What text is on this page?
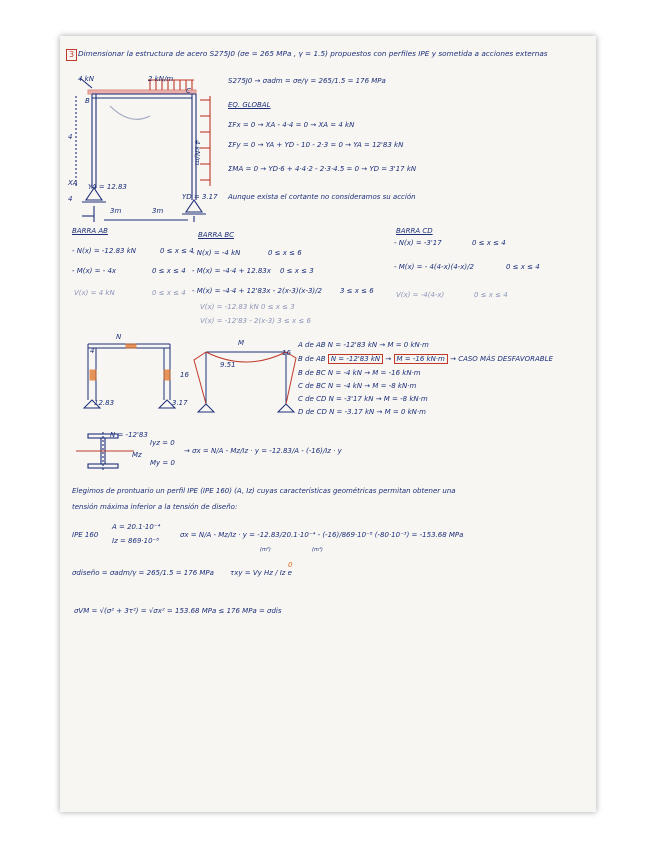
3 Dimensionar la estructura de acero S275J0 (σe = 265 MPa , γ = 1.5) propuestos con perfiles IPE y sometida a acciones externas
4 kN	2 kN/m
B
C
4 kN/m
4
XA YA = 12.83
YD = 3.17
4
3m	3m
S275J0 → σadm = σe/γ = 265/1.5 = 176 MPa
EQ. GLOBAL
ΣFx = 0 → XA - 4·4 = 0 → XA = 4 kN
ΣFy = 0 → YA + YD - 10 - 2·3 = 0 → YA = 12'83 kN
ΣMA = 0 → YD·6 + 4·4·2 - 2·3·4.5 = 0 → YD = 3'17 kN
Aunque exista el cortante no consideramos su acción
BARRA AB
- N(x) = -12.83 kN	0 ≤ x ≤ 4
- M(x) = - 4x	0 ≤ x ≤ 4
V(x) = 4 kN	0 ≤ x ≤ 4
BARRA BC
- N(x) = -4 kN	0 ≤ x ≤ 6
- M(x) = -4·4 + 12.83x 0 ≤ x ≤ 3
- M(x) = -4·4 + 12'83x - 2(x-3)(x-3)/2	3 ≤ x ≤ 6
V(x) = -12.83 kN 0 ≤ x ≤ 3
V(x) = -12'83 - 2(x-3) 3 ≤ x ≤ 6
BARRA CD
- N(x) = -3'17	0 ≤ x ≤ 4
- M(x) = - 4(4-x)(4-x)/2	0 ≤ x ≤ 4
V(x) = -4(4-x)	0 ≤ x ≤ 4
N
4
12.83	3.17
M
16
9.51
16
A de AB N = -12'83 kN → M = 0 kN·m
B de AB N = -12'83 kN → M = -16 kN·m → CASO MÁS DESFAVORABLE
B de BC N = -4 kN → M = -16 kN·m
C de BC N = -4 kN → M = -8 kN·m
C de CD N = -3'17 kN → M = -8 kN·m
D de CD N = -3.17 kN → M = 0 kN·m
N = -12'83
Iyz = 0
My = 0
Mz	→ σx = N/A - Mz/Iz · y = -12.83/A - (-16)/Iz · y
Elegimos de prontuario un perfil IPE (IPE 160) (A, Iz) cuyas características geométricas permitan obtener una
tensión máxima inferior a la tensión de diseño:
IPE 160
A = 20.1·10⁻⁴
Iz = 869·10⁻⁸
σx = N/A - Mz/Iz · y = -12.83/20.1·10⁻⁴ - (-16)/869·10⁻⁸ (-80·10⁻³) = -153.68 MPa
(m²)	(m⁴)
σdiseño = σadm/γ = 265/1.5 = 176 MPa τxy = Vy Hz / Iz e
0
σVM = √(σ² + 3τ²) = √σx² = 153.68 MPa ≤ 176 MPa = σdis
